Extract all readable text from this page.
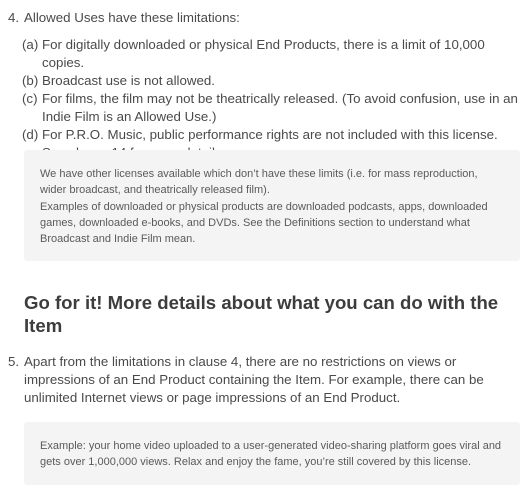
4. Allowed Uses have these limitations:
(a) For digitally downloaded or physical End Products, there is a limit of 10,000 copies.
(b) Broadcast use is not allowed.
(c) For films, the film may not be theatrically released. (To avoid confusion, use in an Indie Film is an Allowed Use.)
(d) For P.R.O. Music, public performance rights are not included with this license.

We have other licenses available which don’t have these limits (i.e. for mass reproduction, wider broadcast, and theatrically released film).

Examples of downloaded or physical products are downloaded podcasts, apps, downloaded games, downloaded e-books, and DVDs. See the Definitions section to understand what Broadcast and Indie Film mean.

Go for it! More details about what you can do with the Item
5. Apart from the limitations in clause 4, there are no restrictions on views or impressions of an End Product containing the Item. For example, there can be unlimited Internet views or page impressions of an End Product.

Example: your home video uploaded to a user-generated video-sharing platform goes viral and gets over 1,000,000 views. Relax and enjoy the fame, you’re still covered by this license.
